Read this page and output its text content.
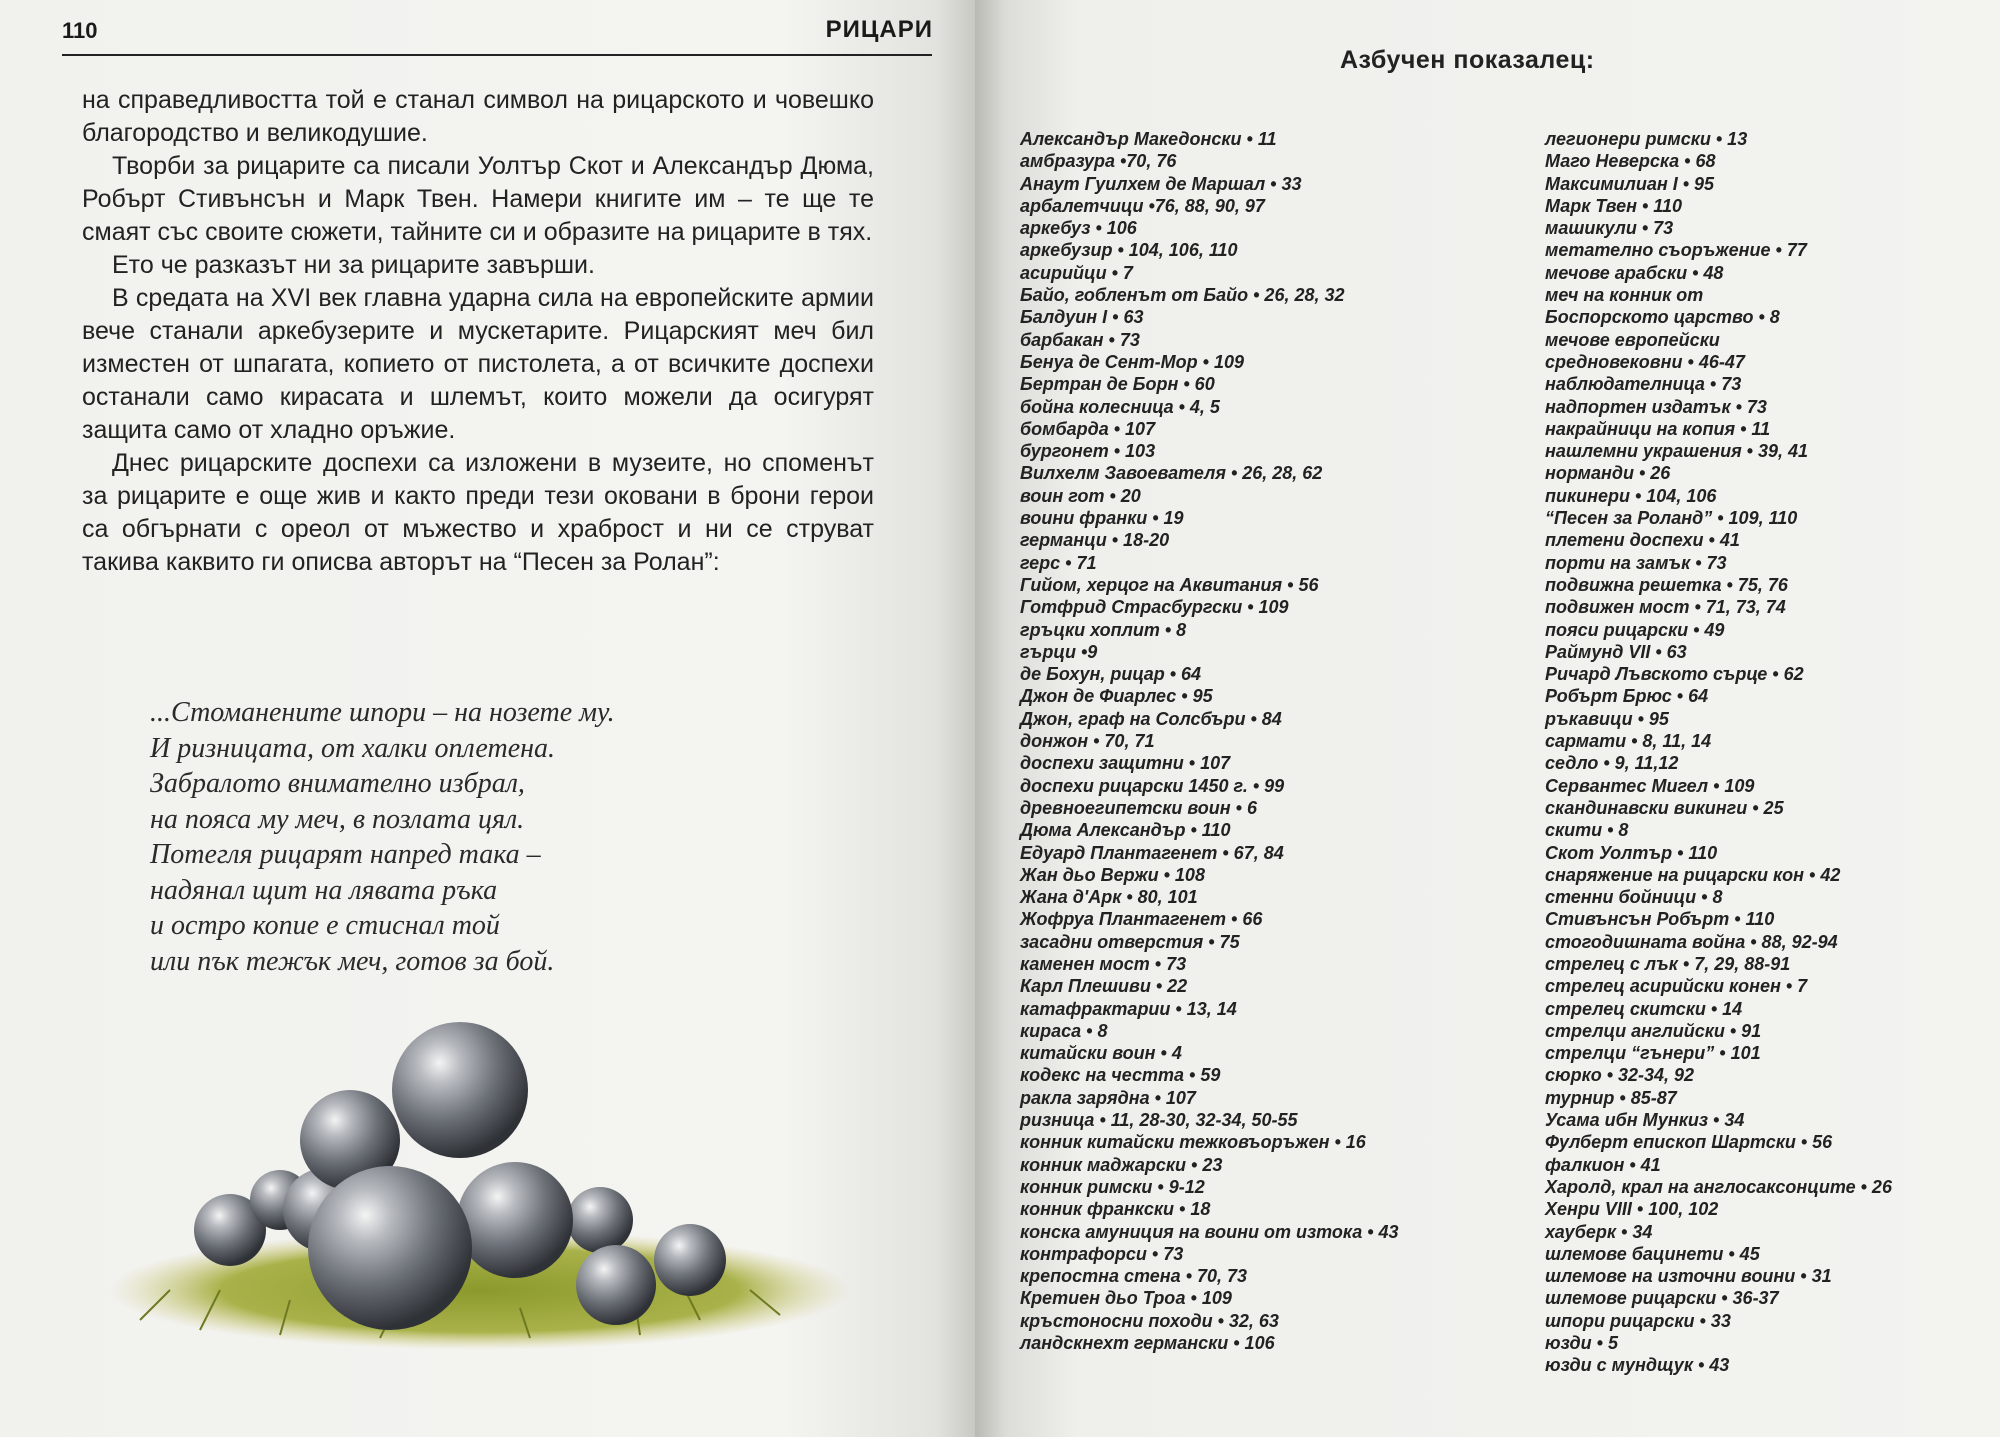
110	РИЦАРИ

на справедливостта той е станал символ на рицарското и човешко благородство и великодушие.

Творби за рицарите са писали Уолтър Скот и Александър Дюма, Робърт Стивънсън и Марк Твен. Намери книгите им – те ще те смаят със своите сюжети, тайните си и образите на рицарите в тях.

Ето че разказът ни за рицарите завърши.

В средата на XVI век главна ударна сила на европейските армии вече станали аркебузерите и мускетарите. Рицарският меч бил изместен от шпагата, копието от пистолета, а от всичките доспехи останали само кирасата и шлемът, които можели да осигурят защита само от хладно оръжие.

Днес рицарските доспехи са изложени в музеите, но споменът за рицарите е още жив и както преди тези оковани в брони герои са обгърнати с ореол от мъжество и храброст и ни се струват такива каквито ги описва авторът на “Песен за Ролан”:

...Стоманените шпори – на нозете му.
И ризницата, от халки оплетена.
Забралото внимателно избрал,
на пояса му меч, в позлата цял.
Потегля рицарят напред така –
надянал щит на лявата ръка
и остро копие е стиснал той
или пък тежък меч, готов за бой.
Азбучен показалец:
Александър Македонски • 11
амбразура •70, 76
Анаут Гуилхем де Маршал • 33
арбалетчици •76, 88, 90, 97
аркебуз • 106
аркебузир • 104, 106, 110
асирийци • 7
Байо, гобленът от Байо • 26, 28, 32
Балдуин I • 63
барбакан • 73
Бенуа де Сент-Мор • 109
Бертран де Борн • 60
бойна колесница • 4, 5
бомбарда • 107
бургонет • 103
Вилхелм Завоевателя • 26, 28, 62
воин гот • 20
воини франки • 19
германци • 18-20
герс • 71
Гийом, херцог на Аквитания • 56
Готфрид Страсбургски • 109
гръцки хоплит • 8
гърци •9
де Бохун, рицар • 64
Джон де Фиарлес • 95
Джон, граф на Солсбъри • 84
донжон • 70, 71
доспехи защитни • 107
доспехи рицарски 1450 г. • 99
древноегипетски воин • 6
Дюма Александър • 110
Едуард Плантагенет • 67, 84
Жан дьо Вержи • 108
Жана д'Арк • 80, 101
Жофруа Плантагенет • 66
засадни отверстия • 75
каменен мост • 73
Карл Плешиви • 22
катафрактарии • 13, 14
кираса • 8
китайски воин • 4
кодекс на честта • 59
ракла зарядна • 107
ризница • 11, 28-30, 32-34, 50-55
конник китайски тежковъоръжен • 16
конник маджарски • 23
конник римски • 9-12
конник франкски • 18
конска амуниция на воини от изтока • 43
контрафорси • 73
крепостна стена • 70, 73
Кретиен дьо Троа • 109
кръстоносни походи • 32, 63
ландскнехт германски • 106
легионери римски • 13
Маго Неверска • 68
Максимилиан I • 95
Марк Твен • 110
машикули • 73
метателно съоръжение • 77
мечове арабски • 48
меч на конник от
Боспорското царство • 8
мечове европейски
средновековни • 46-47
наблюдателница • 73
надпортен издатък • 73
накрайници на копия • 11
нашлемни украшения • 39, 41
норманди • 26
пикинери • 104, 106
“Песен за Роланд” • 109, 110
плетени доспехи • 41
порти на замък • 73
подвижна решетка • 75, 76
подвижен мост • 71, 73, 74
пояси рицарски • 49
Раймунд VII • 63
Ричард Лъвското сърце • 62
Робърт Брюс • 64
ръкавици • 95
сармати • 8, 11, 14
седло • 9, 11,12
Сервантес Мигел • 109
скандинавски викинги • 25
скити • 8
Скот Уолтър • 110
снаряжение на рицарски кон • 42
стенни бойници • 8
Стивънсън Робърт • 110
стогодишната война • 88, 92-94
стрелец с лък • 7, 29, 88-91
стрелец асирийски конен • 7
стрелец скитски • 14
стрелци английски • 91
стрелци “гънери” • 101
сюрко • 32-34, 92
турнир • 85-87
Усама ибн Мункиз • 34
Фулберт епископ Шартски • 56
фалкион • 41
Харолд, крал на англосаксонците • 26
Хенри VIII • 100, 102
хауберк • 34
шлемове бацинети • 45
шлемове на източни воини • 31
шлемове рицарски • 36-37
шпори рицарски • 33
юзди • 5
юзди с мундщук • 43
